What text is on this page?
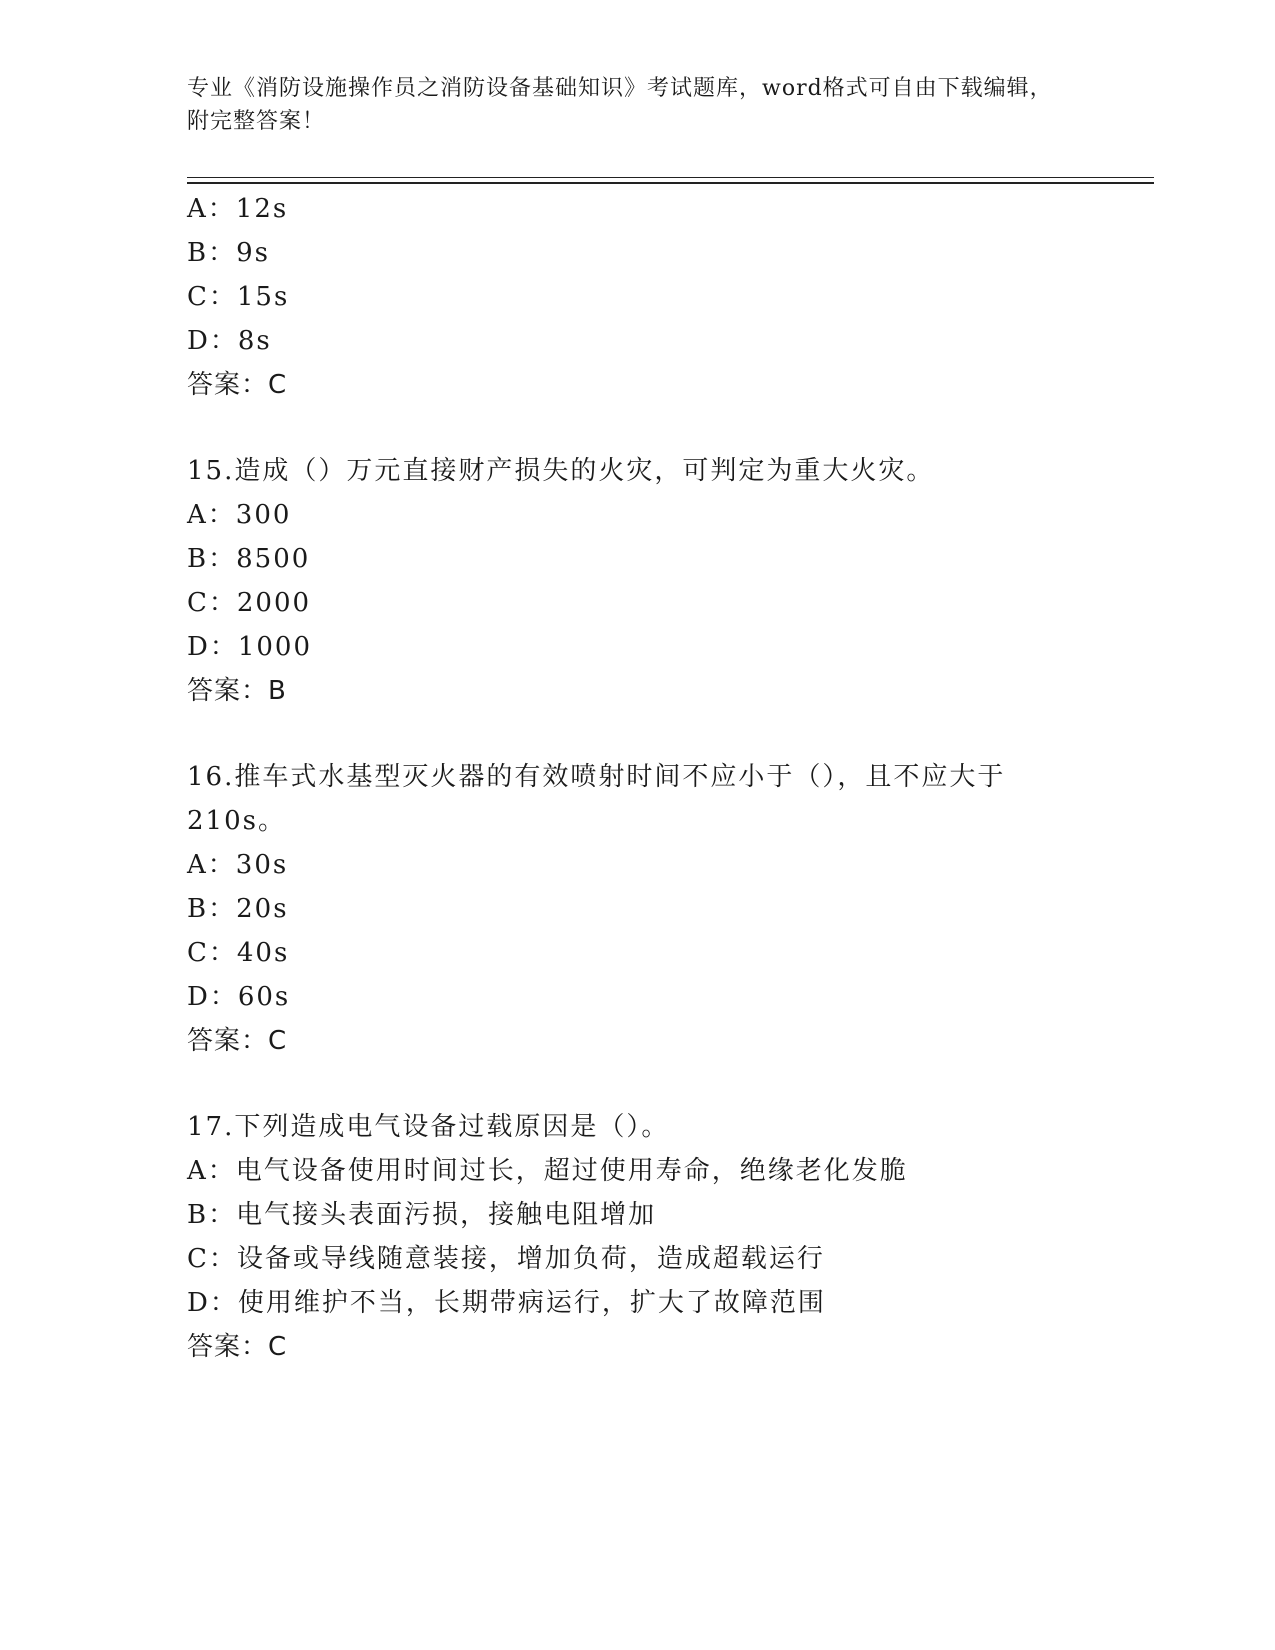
专业《消防设施操作员之消防设备基础知识》考试题库，word格式可自由下载编辑，附完整答案！

A：12s
B：9s
C：15s
D：8s
答案：C
15.造成（）万元直接财产损失的火灾，可判定为重大火灾。
A：300
B：8500
C：2000
D：1000
答案：B
16.推车式水基型灭火器的有效喷射时间不应小于（），且不应大于
210s。
A：30s
B：20s
C：40s
D：60s
答案：C
17.下列造成电气设备过载原因是（）。
A：电气设备使用时间过长，超过使用寿命，绝缘老化发脆
B：电气接头表面污损，接触电阻增加
C：设备或导线随意装接，增加负荷，造成超载运行
D：使用维护不当，长期带病运行，扩大了故障范围
答案：C
